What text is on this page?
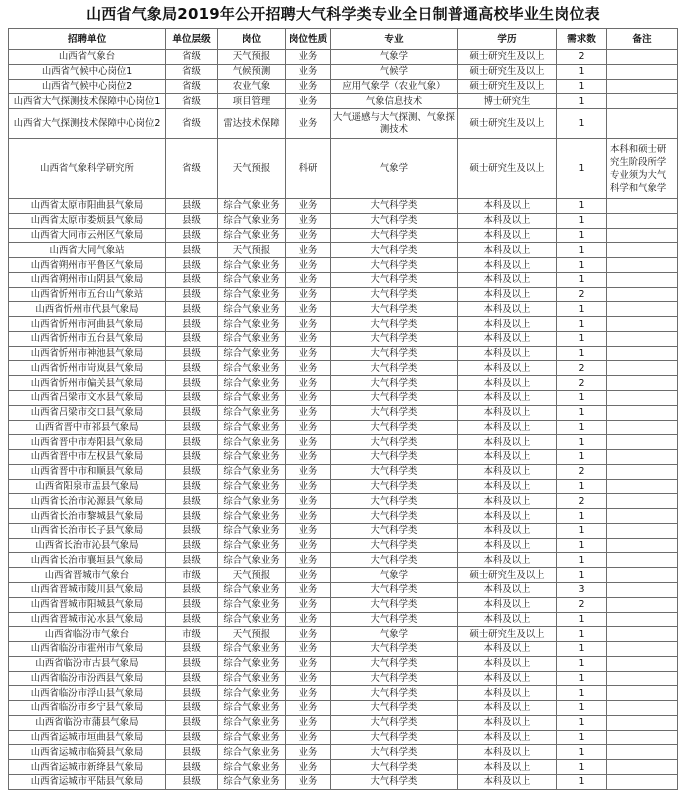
山西省气象局2019年公开招聘大气科学类专业全日制普通高校毕业生岗位表
招聘单位	单位层级	岗位	岗位性质	专业	学历	需求数	备注
山西省气象台	省级	天气预报	业务	气象学	硕士研究生及以上	2	
山西省气候中心岗位1	省级	气候预测	业务	气候学	硕士研究生及以上	1	
山西省气候中心岗位2	省级	农业气象	业务	应用气象学（农业气象）	硕士研究生及以上	1	
山西省大气探测技术保障中心岗位1	省级	项目管理	业务	气象信息技术	博士研究生	1	
山西省大气探测技术保障中心岗位2	省级	雷达技术保障	业务	大气遥感与大气探测、气象探测技术	硕士研究生及以上	1	
山西省气象科学研究所	省级	天气预报	科研	气象学	硕士研究生及以上	1	本科和硕士研究生阶段所学专业须为大气科学和气象学
山西省太原市阳曲县气象局	县级	综合气象业务	业务	大气科学类	本科及以上	1	
山西省太原市娄烦县气象局	县级	综合气象业务	业务	大气科学类	本科及以上	1	
山西省大同市云州区气象局	县级	综合气象业务	业务	大气科学类	本科及以上	1	
山西省大同气象站	县级	天气预报	业务	大气科学类	本科及以上	1	
山西省朔州市平鲁区气象局	县级	综合气象业务	业务	大气科学类	本科及以上	1	
山西省朔州市山阴县气象局	县级	综合气象业务	业务	大气科学类	本科及以上	1	
山西省忻州市五台山气象站	县级	综合气象业务	业务	大气科学类	本科及以上	2	
山西省忻州市代县气象局	县级	综合气象业务	业务	大气科学类	本科及以上	1	
山西省忻州市河曲县气象局	县级	综合气象业务	业务	大气科学类	本科及以上	1	
山西省忻州市五台县气象局	县级	综合气象业务	业务	大气科学类	本科及以上	1	
山西省忻州市神池县气象局	县级	综合气象业务	业务	大气科学类	本科及以上	1	
山西省忻州市岢岚县气象局	县级	综合气象业务	业务	大气科学类	本科及以上	2	
山西省忻州市偏关县气象局	县级	综合气象业务	业务	大气科学类	本科及以上	2	
山西省吕梁市文水县气象局	县级	综合气象业务	业务	大气科学类	本科及以上	1	
山西省吕梁市交口县气象局	县级	综合气象业务	业务	大气科学类	本科及以上	1	
山西省晋中市祁县气象局	县级	综合气象业务	业务	大气科学类	本科及以上	1	
山西省晋中市寿阳县气象局	县级	综合气象业务	业务	大气科学类	本科及以上	1	
山西省晋中市左权县气象局	县级	综合气象业务	业务	大气科学类	本科及以上	1	
山西省晋中市和顺县气象局	县级	综合气象业务	业务	大气科学类	本科及以上	2	
山西省阳泉市盂县气象局	县级	综合气象业务	业务	大气科学类	本科及以上	1	
山西省长治市沁源县气象局	县级	综合气象业务	业务	大气科学类	本科及以上	2	
山西省长治市黎城县气象局	县级	综合气象业务	业务	大气科学类	本科及以上	1	
山西省长治市长子县气象局	县级	综合气象业务	业务	大气科学类	本科及以上	1	
山西省长治市沁县气象局	县级	综合气象业务	业务	大气科学类	本科及以上	1	
山西省长治市襄垣县气象局	县级	综合气象业务	业务	大气科学类	本科及以上	1	
山西省晋城市气象台	市级	天气预报	业务	气象学	硕士研究生及以上	1	
山西省晋城市陵川县气象局	县级	综合气象业务	业务	大气科学类	本科及以上	3	
山西省晋城市阳城县气象局	县级	综合气象业务	业务	大气科学类	本科及以上	2	
山西省晋城市沁水县气象局	县级	综合气象业务	业务	大气科学类	本科及以上	1	
山西省临汾市气象台	市级	天气预报	业务	气象学	硕士研究生及以上	1	
山西省临汾市霍州市气象局	县级	综合气象业务	业务	大气科学类	本科及以上	1	
山西省临汾市古县气象局	县级	综合气象业务	业务	大气科学类	本科及以上	1	
山西省临汾市汾西县气象局	县级	综合气象业务	业务	大气科学类	本科及以上	1	
山西省临汾市浮山县气象局	县级	综合气象业务	业务	大气科学类	本科及以上	1	
山西省临汾市乡宁县气象局	县级	综合气象业务	业务	大气科学类	本科及以上	1	
山西省临汾市蒲县气象局	县级	综合气象业务	业务	大气科学类	本科及以上	1	
山西省运城市垣曲县气象局	县级	综合气象业务	业务	大气科学类	本科及以上	1	
山西省运城市临猗县气象局	县级	综合气象业务	业务	大气科学类	本科及以上	1	
山西省运城市新绛县气象局	县级	综合气象业务	业务	大气科学类	本科及以上	1	
山西省运城市平陆县气象局	县级	综合气象业务	业务	大气科学类	本科及以上	1	
